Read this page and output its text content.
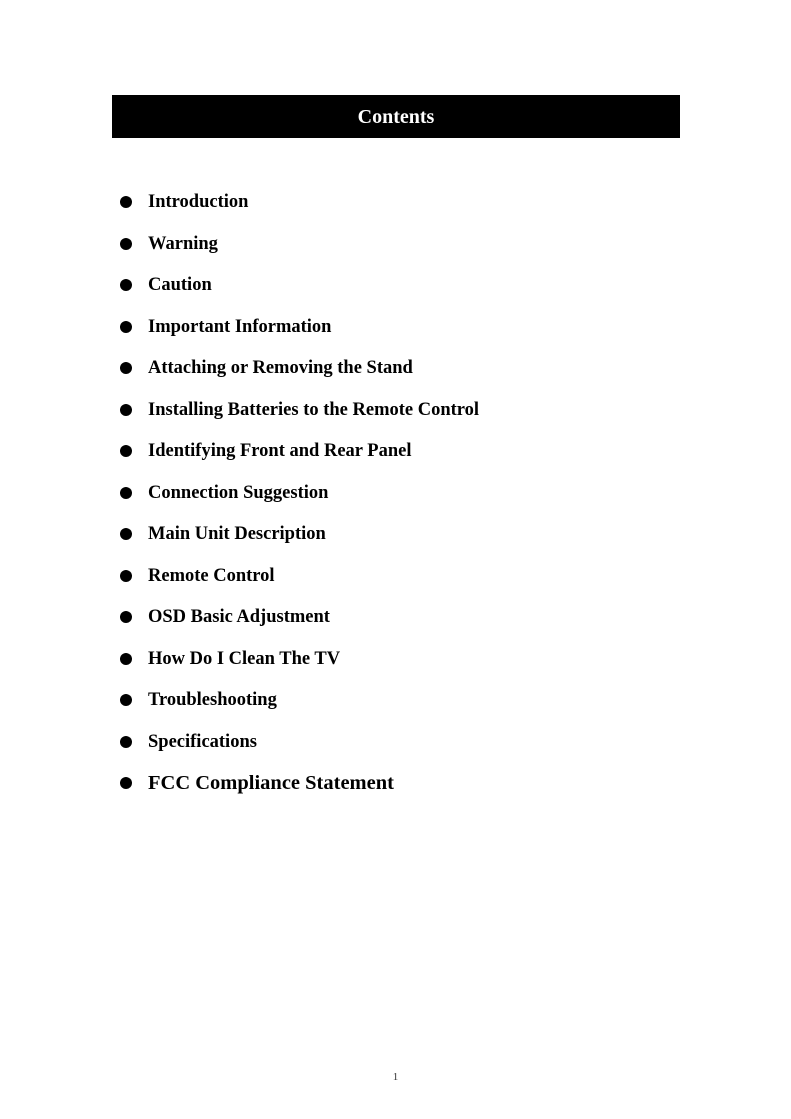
Contents
Introduction
Warning
Caution
Important Information
Attaching or Removing the Stand
Installing Batteries to the Remote Control
Identifying Front and Rear Panel
Connection Suggestion
Main Unit Description
Remote Control
OSD Basic Adjustment
How Do I Clean The TV
Troubleshooting
Specifications
FCC Compliance Statement
1
